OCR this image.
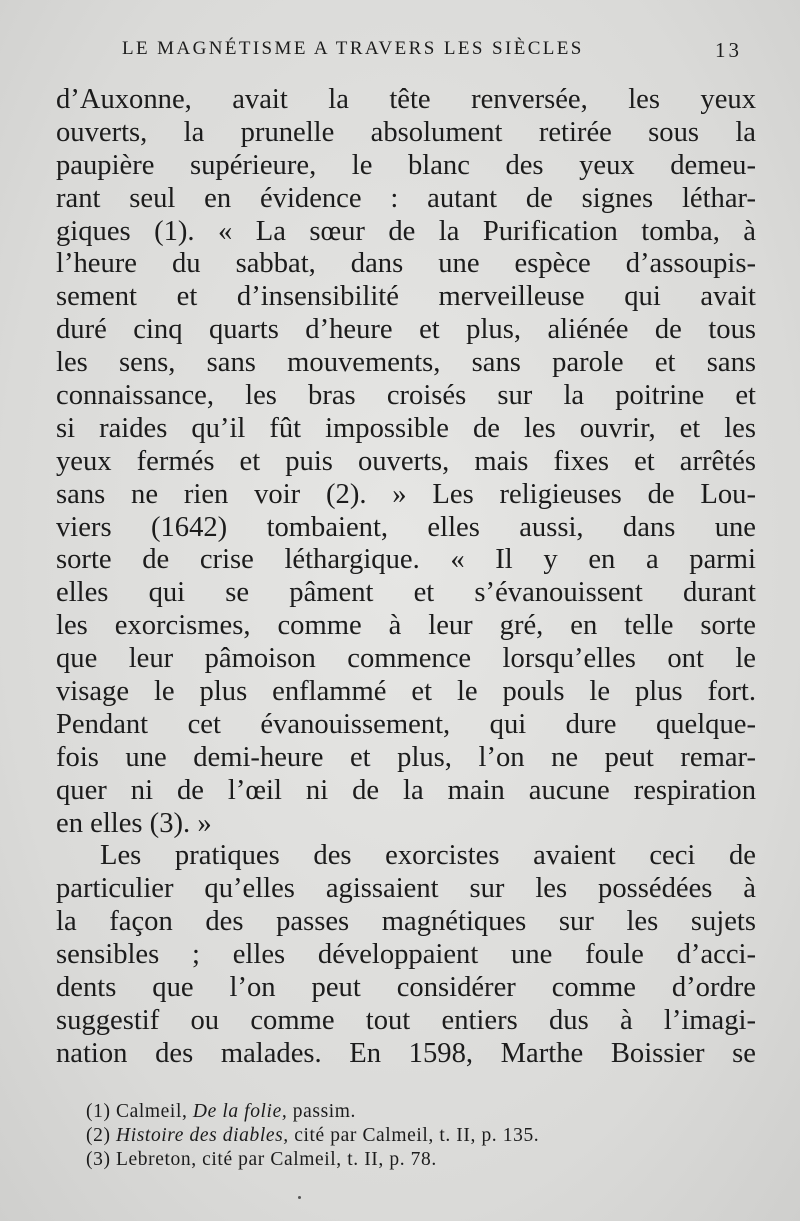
LE MAGNÉTISME A TRAVERS LES SIÈCLES	13
d’Auxonne, avait la tête renversée, les yeux
ouverts, la prunelle absolument retirée sous la
paupière supérieure, le blanc des yeux demeu-
rant seul en évidence : autant de signes léthar-
giques (1). « La sœur de la Purification tomba, à
l’heure du sabbat, dans une espèce d’assoupis-
sement et d’insensibilité merveilleuse qui avait
duré cinq quarts d’heure et plus, aliénée de tous
les sens, sans mouvements, sans parole et sans
connaissance, les bras croisés sur la poitrine et
si raides qu’il fût impossible de les ouvrir, et les
yeux fermés et puis ouverts, mais fixes et arrêtés
sans ne rien voir (2). » Les religieuses de Lou-
viers (1642) tombaient, elles aussi, dans une
sorte de crise léthargique. « Il y en a parmi
elles qui se pâment et s’évanouissent durant
les exorcismes, comme à leur gré, en telle sorte
que leur pâmoison commence lorsqu’elles ont le
visage le plus enflammé et le pouls le plus fort.
Pendant cet évanouissement, qui dure quelque-
fois une demi-heure et plus, l’on ne peut remar-
quer ni de l’œil ni de la main aucune respiration
en elles (3). »
Les pratiques des exorcistes avaient ceci de
particulier qu’elles agissaient sur les possédées à
la façon des passes magnétiques sur les sujets
sensibles ; elles développaient une foule d’acci-
dents que l’on peut considérer comme d’ordre
suggestif ou comme tout entiers dus à l’imagi-
nation des malades. En 1598, Marthe Boissier se
(1) Calmeil, De la folie, passim.
(2) Histoire des diables, cité par Calmeil, t. II, p. 135.
(3) Lebreton, cité par Calmeil, t. II, p. 78.
